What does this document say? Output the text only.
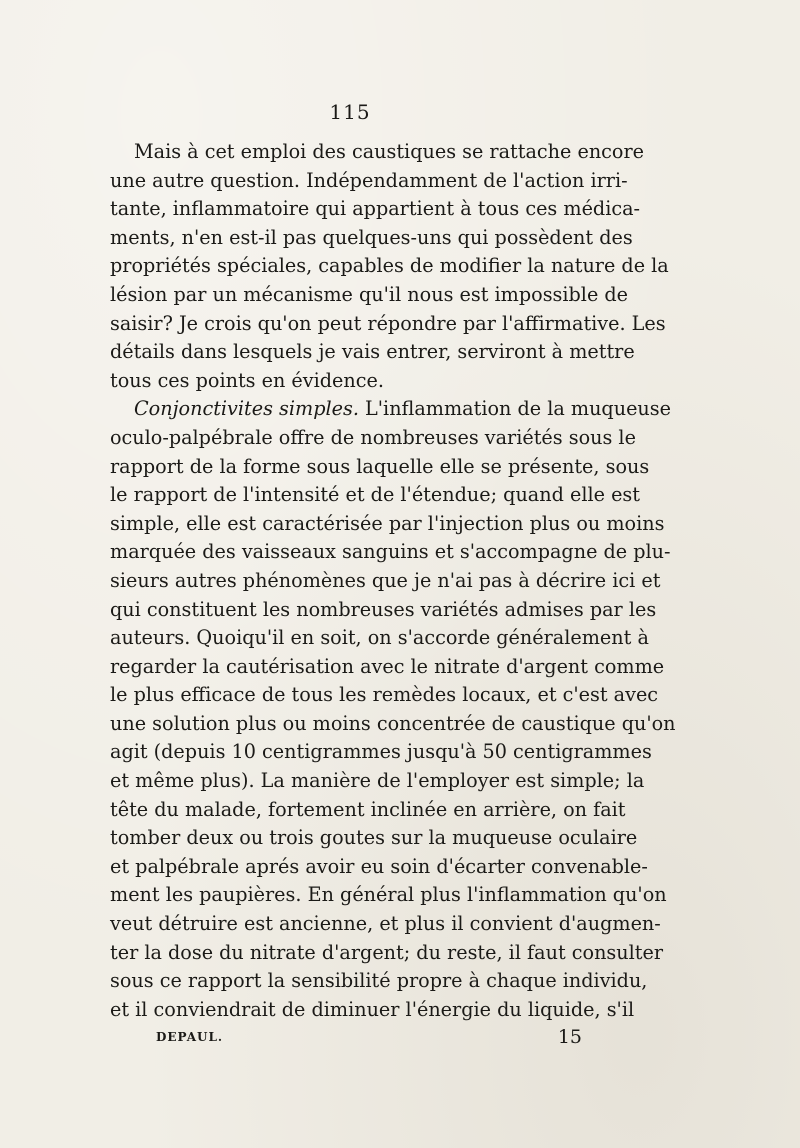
115
Mais à cet emploi des caustiques se rattache encore
une autre question. Indépendamment de l'action irri-
tante, inflammatoire qui appartient à tous ces médica-
ments, n'en est-il pas quelques-uns qui possèdent des
propriétés spéciales, capables de modifier la nature de la
lésion par un mécanisme qu'il nous est impossible de
saisir? Je crois qu'on peut répondre par l'affirmative. Les
détails dans lesquels je vais entrer, serviront à mettre
tous ces points en évidence.
Conjonctivites simples. L'inflammation de la muqueuse
oculo-palpébrale offre de nombreuses variétés sous le
rapport de la forme sous laquelle elle se présente, sous
le rapport de l'intensité et de l'étendue; quand elle est
simple, elle est caractérisée par l'injection plus ou moins
marquée des vaisseaux sanguins et s'accompagne de plu-
sieurs autres phénomènes que je n'ai pas à décrire ici et
qui constituent les nombreuses variétés admises par les
auteurs. Quoiqu'il en soit, on s'accorde généralement à
regarder la cautérisation avec le nitrate d'argent comme
le plus efficace de tous les remèdes locaux, et c'est avec
une solution plus ou moins concentrée de caustique qu'on
agit (depuis 10 centigrammes jusqu'à 50 centigrammes
et même plus). La manière de l'employer est simple; la
tête du malade, fortement inclinée en arrière, on fait
tomber deux ou trois goutes sur la muqueuse oculaire
et palpébrale aprés avoir eu soin d'écarter convenable-
ment les paupières. En général plus l'inflammation qu'on
veut détruire est ancienne, et plus il convient d'augmen-
ter la dose du nitrate d'argent; du reste, il faut consulter
sous ce rapport la sensibilité propre à chaque individu,
et il conviendrait de diminuer l'énergie du liquide, s'il
DEPAUL.	15
